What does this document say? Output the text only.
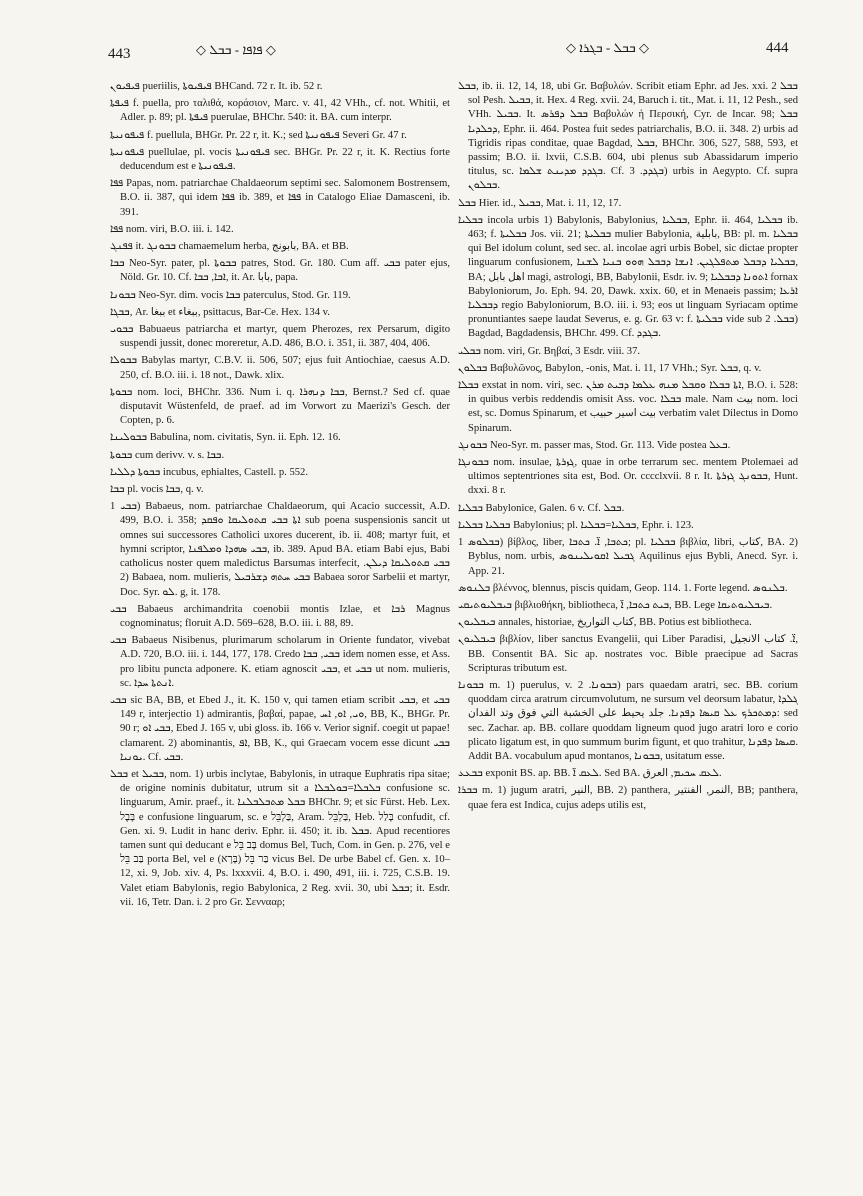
443	◇ ܦܐܦܐ - ܒܒܠ ◇	◇ ܒܒܠ - ܒܓܪܐ ◇	444

ܦܝܦܝܘܢ pueriilis, ܦܝܦܝܘܬܐ BHCand. 72 r. It. ib. 52 r.

ܦܝܦܬܐ f. puella, pro ταλιθά, κοράσιον, Marc. v. 41, 42 VHh., cf. not. Whitii, et Adler. p. 89; pl. ܦܝܦܬܐ puerulae, BHChr. 540: it. BA. cum interpr.

ܦܝܦܘܢܝܬܐ f. puellula, BHGr. Pr. 22 r, it. K.; sed ܦܝܦܘܢܝܬܐ Severi Gr. 47 r.

ܦܝܦܘܢܝܬܐ puellulae, pl. vocis ܦܝܦܘܢܝܬܐ sec. BHGr. Pr. 22 r, it. K. Rectius forte deducendum est e ܦܝܦܘܢܝܬܐ.

ܦܦܐ Papas, nom. patriarchae Chaldaeorum septimi sec. Salomonem Bostrensem, B.O. ii. 387, qui idem ܦܦܐ ib. 389, et ܦܦܐ in Catalogo Eliae Damasceni, ib. 391.

ܦܦܐ nom. viri, B.O. iii. i. 142.

ܦܦܢܓ it. ܒܒܘܢܓ chamaemelum herba, بابونج, BA. et BB.

ܒܒܐ Neo-Syr. pater, pl. ܒܒܘܬܐ patres, Stod. Gr. 180. Cum aff. ܒܒܝ pater ejus, Nöld. Gr. 10. Cf. ܐܒܐ, ܒܒܐ, it. Ar. بابا, papa.

ܒܒܘܢܐ Neo-Syr. dim. vocis ܒܒܐ paterculus, Stod. Gr. 119.

ܒܒܓܐ, Ar. ببغا et ببغاء, psittacus, Bar-Ce. Hex. 134 v.

ܒܒܘܝ Babuaeus patriarcha et martyr, quem Pherozes, rex Persarum, digito suspendi jussit, donec moreretur, A.D. 486, B.O. i. 351, ii. 387, 404, 406.

ܒܒܘܠܐ Babylas martyr, C.B.V. ii. 506, 507; ejus fuit Antiochiae, caesus A.D. 250, cf. B.O. iii. i. 18 not., Dawk. xlix.

ܒܒܘܬܐ nom. loci, BHChr. 336. Num i. q. ܒܒܐ ܕܢܗܪܐ, Bernst.? Sed cf. quae disputavit Wüstenfeld, de praef. ad im Vorwort zu Maerizi's Gesch. der Copten, p. 6.

ܒܒܘܠܝܢܐ Babulina, nom. civitatis, Syn. ii. Eph. 12. 16.

ܒܒܘܬܐ cum derivv. v. s. ܒܒܐ.

ܒܒܘܬܐ ܕܠܠܝܐ incubus, ephialtes, Castell. p. 552.

ܒܒܐ pl. vocis ܒܒܐ, q. v.

ܒܒܝ 1) Babaeus, nom. patriarchae Chaldaeorum, qui Acacio successit, A.D. 499, B.O. i. 358; ܐܬܐ ܒܒܝ ܩܬܘܠܝܩܐ ܘܦܩܕ sub poena suspensionis sancit ut omnes sui successores Catholici uxores ducerent, ib. ii. 408; martyr fuit, et hymni scriptor, ܒܒܝ ܣܗܕܐ ܘܡܠܦܢܐ, ib. 389. Apud BA. etiam Babi ejus, Babi catholicus noster quem maledictus Barsumas interfecit, ܒܒܝ ܩܬܘܠܝܩܐ ܕܝܠܢ. 2) Babaea, nom. mulieris, ܒܒܝ ܚܬܗ ܕܫܪܒܝܠ Babaea soror Sarbelii et martyr, Doc. Syr. ܠܘ. g, it. 178.

ܒܒܝ Babaeus archimandrita coenobii montis Izlae, et ܪܒܐ Magnus cognominatus; floruit A.D. 569–628, B.O. iii. i. 88, 89.

ܒܒܝ Babaeus Nisibenus, plurimarum scholarum in Oriente fundator, vivebat A.D. 720, B.O. iii. i. 144, 177, 178. Credo ܒܒܝ, ܒܒܐ idem nomen esse, et Ass. pro libitu puncta adponere. K. etiam agnoscit ܒܒܝ, et ܒܒܝ ut nom. mulieris, sc. ܐܢܬܬܐ ܚܕܐ.

ܒܒܝ sic BA, BB, et Ebed J., it. K. 150 v, qui tamen etiam scribit ܒܒܝ, et ܒܒܝ 149 r, interjectio 1) admirantis, βαβαί, papae, ܘܝ, ܐܘ, ܐܚ, BB, K., BHGr. Pr. 90 r; ܒܒܝ ܐܘ, Ebed J. 165 v, ubi gloss. ib. 166 v. Verior signif. coegit ut papae! clamarent. 2) abominantis, ܐܦ, BB, K., qui Graecam vocem esse dicunt ܒܒܝ ܝܘܢܝܐ. Cf. ܒܒܝ.

ܒܒܠ et ܒܒܝܠ, nom. 1) urbis inclytae, Babylonis, in utraque Euphratis ripa sitae; de origine nominis dubitatur, utrum sit a ܒܠܒܠܐ=ܒܘܠܒܠܐ confusione sc. linguarum, Amir. praef., it. ܒܒܠ ܡܬܒܠܒܠܢܐ BHChr. 9; et sic Fürst. Heb. Lex. בָּבֶל e confusione linguarum, sc. e בַּלְבֵּל, Aram. בַּלְבֵּל, Heb. בָּלַל confudit, cf. Gen. xi. 9. Ludit in hanc deriv. Ephr. ii. 450; it. ib. ܒܒܠ. Apud recentiores tamen sunt qui deducant e בָּב בֵּל domus Bel, Tuch, Com. in Gen. p. 276, vel e בַּב בֵּל porta Bel, vel e בַּר בֵּל (בָּרָא) vicus Bel. De urbe Babel cf. Gen. x. 10–12, xi. 9, Job. xiv. 4, Ps. lxxxvii. 4, B.O. i. 490, 491, iii. i. 725, C.S.B. 19. Valet etiam Babylonis, regio Babylonica, 2 Reg. xvii. 30, ubi ܒܒܠ; it. Esdr. vii. 16, Tetr. Dan. i. 2 pro Gr. Σεννααρ;

ܒܒܠ, ib. ii. 12, 14, 18, ubi Gr. Βαβυλών. Scribit etiam Ephr. ad Jes. xxi. 2 ܒܒܠ sol Pesh. ܒܒܝܠ, it. Hex. 4 Reg. xvii. 24, Baruch i. tit., Mat. i. 11, 12 Pesh., sed VHh. ܒܒܝܠ. It. ܒܒܠ ܕܦܪܣ Βαβυλών ἡ Περσική, Cyr. de Incar. 98; ܒܒܠ ܕܟܠܕܝܐ, Ephr. ii. 464. Postea fuit sedes patriarchalis, B.O. ii. 348. 2) urbis ad Tigridis ripas conditae, quae Bagdad, ܒܒܠ, BHChr. 306, 527, 588, 593, et passim; B.O. ii. lxvii, C.S.B. 604, ubi plenus sub Abassidarum imperio titulus, sc. ܒܓܕܕ ܡܕܝܢܬ ܫܠܡܐ. Cf. ܒܓܕܕ. 3) urbis in Aegypto. Cf. supra ܒܒܠܘܢ.

ܒܒܠ Hier. id., ܒܒܝܠ, Mat. i. 11, 12, 17.

ܒܒܠܝܐ incola urbis 1) Babylonis, Babylonius, ܒܒܠܝܐ, Ephr. ii. 464, ܒܒܠܝܐ ib. 463; f. ܒܒܠܝܬܐ Jos. vii. 21; ܒܒܠܝܬܐ mulier Babylonia, بابلية, BB: pl. m. ܒܒܠܝܐ qui Bel idolum colunt, sed sec. al. incolae agri urbis Bobel, sic dictae propter linguarum confusionem, ܒܒܠܝܐ ܕܒܒܠ ܡܬܦܠܓܝܢ. ܐܢܫܐ ܕܒܒܠ ܗܘܘ ܒܢܝܐ ܠܫܢܐ, BA; اهل بابل magi, astrologi, BB, Babylonii, Esdr. iv. 9; ܐܬܘܢܐ ܕܒܒܠܝܐ fornax Babyloniorum, Jo. Eph. 94. 20, Dawk. xxix. 60, et in Menaeis passim; ܐܪܥܐ ܕܒܒܠܝܐ regio Babyloniorum, B.O. iii. i. 93; eos ut linguam Syriacam optime pronuntiantes saepe laudat Severus, e. g. Gr. 63 v: f. ܒܒܠܝܬܐ vide sub ܒܒܠ. 2) Bagdad, Bagdadensis, BHChr. 499. Cf. ܒܓܕܕ.

ܒܒܠܝ nom. viri, Gr. Βηβαί, 3 Esdr. viii. 37.

ܒܒܠܘܢ Βαβυλῶνος, Babylon, -onis, Mat. i. 11, 17 VHh.; Syr. ܒܒܠ, q. v.

ܒܒܠܐ exstat in nom. viri, sec. ܐܬܐ ܒܒܠܐ ܘܩܒܠ ܡܢܗ ܥܠܡܐ ܕܒܝܬ ܡܪܢ, B.O. i. 528: in quibus verbis reddendis omisit Ass. voc. ܒܒܠܐ male. Nam بيت nom. loci est, sc. Domus Spinarum, et بيت اسير حبيب verbatim valet Dilectus in Domo Spinarum.

ܒܒܘܢܓ Neo-Syr. m. passer mas, Stod. Gr. 113. Vide postea ܒܥܠ.

ܒܒܘܢܓܐ nom. insulae, ܓܙܪܬܐ, quae in orbe terrarum sec. mentem Ptolemaei ad ultimos septentriones sita est, Bod. Or. cccclxvii. 8 r. It. ܒܒܘܢܓ ܓܙܪܬܐ, Hunt. dxxi. 8 r.

ܒܒܠܝܐ Babylonice, Galen. 6 v. Cf. ܒܒܠ.

ܒܒܠܝܐ ܒܒܠܝܐ Babylonius; pl. ܒܒܠܝܐ=ܒܒܠܝܐ, Ephr. i. 123.

ܒܒܠܘܣ 1) βίβλος, liber, ܟܬܒܐ, ܐ̈. ܟܬܒܐ; pl. ܒܒܠܝܐ βιβλία, libri, كتاب, BA. 2) Byblus, nom. urbis, ܓܒܝܠ ܐܩܘܝܠܝܢܘܣ Aquilinus ejus Bybli, Anecd. Syr. i. App. 21.

ܒܠܢܘܣ βλέννος, blennus, piscis quidam, Geop. 114. 1. Forte legend. ܒܠܢܘܣ.

ܒܝܒܠܝܘܬܝܩܝ βιβλιοθήκη, bibliotheca, ܒܝܬ ܟܬܒܐ, ܐ̈, BB. Lege ܒܝܒܠܝܘܬܝܩܐ.

ܒܝܒܠܝܘܢ annales, historiae, كتاب التواريخ, BB. Potius est bibliotheca.

ܒܝܒܠܝܘܢ βιβλίον, liber sanctus Evangelii, qui Liber Paradisi, ܐ̈. كتاب الانجيل, BB. Consentit BA. Sic ap. nostrates voc. Bible praecipue ad Sacras Scripturas tributum est.

ܒܒܘܢܐ m. 1) puerulus, v. ܒܒܘܢܐ. 2) pars quaedam aratri, sec. BB. corium quoddam circa aratrum circumvolutum, ne sursum vel deorsum labatur, ܓܠܕܐ ܕܡܬܟܪܟ ܥܠ ܩܝܣܐ ܕܦܕܢܐ. جلد يحيط على الخشبة التي فوق وتد الفدان: sed sec. Zachar. ap. BB. collare quoddam ligneum quod jugo aratri loro e corio plicato ligatum est, in quo summum burim figunt, et quo trahitur, ܩܝܣܐ ܕܦܕܢܐ. Addit BA. vocabulum apud montanos, ܒܒܘܢܐ, usitatum esse.

ܒܒܥܥ exponit BS. ap. BB. ܠܥܩ ܐ̈. Sed BA. ܠܥܩ ܚܟܝܡ, العرق.

ܒܒܪܐ m. 1) jugum aratri, النير, BB. 2) panthera, النمر, الفنتير, BB; panthera, quae fera est Indica, cujus adeps utilis est,
